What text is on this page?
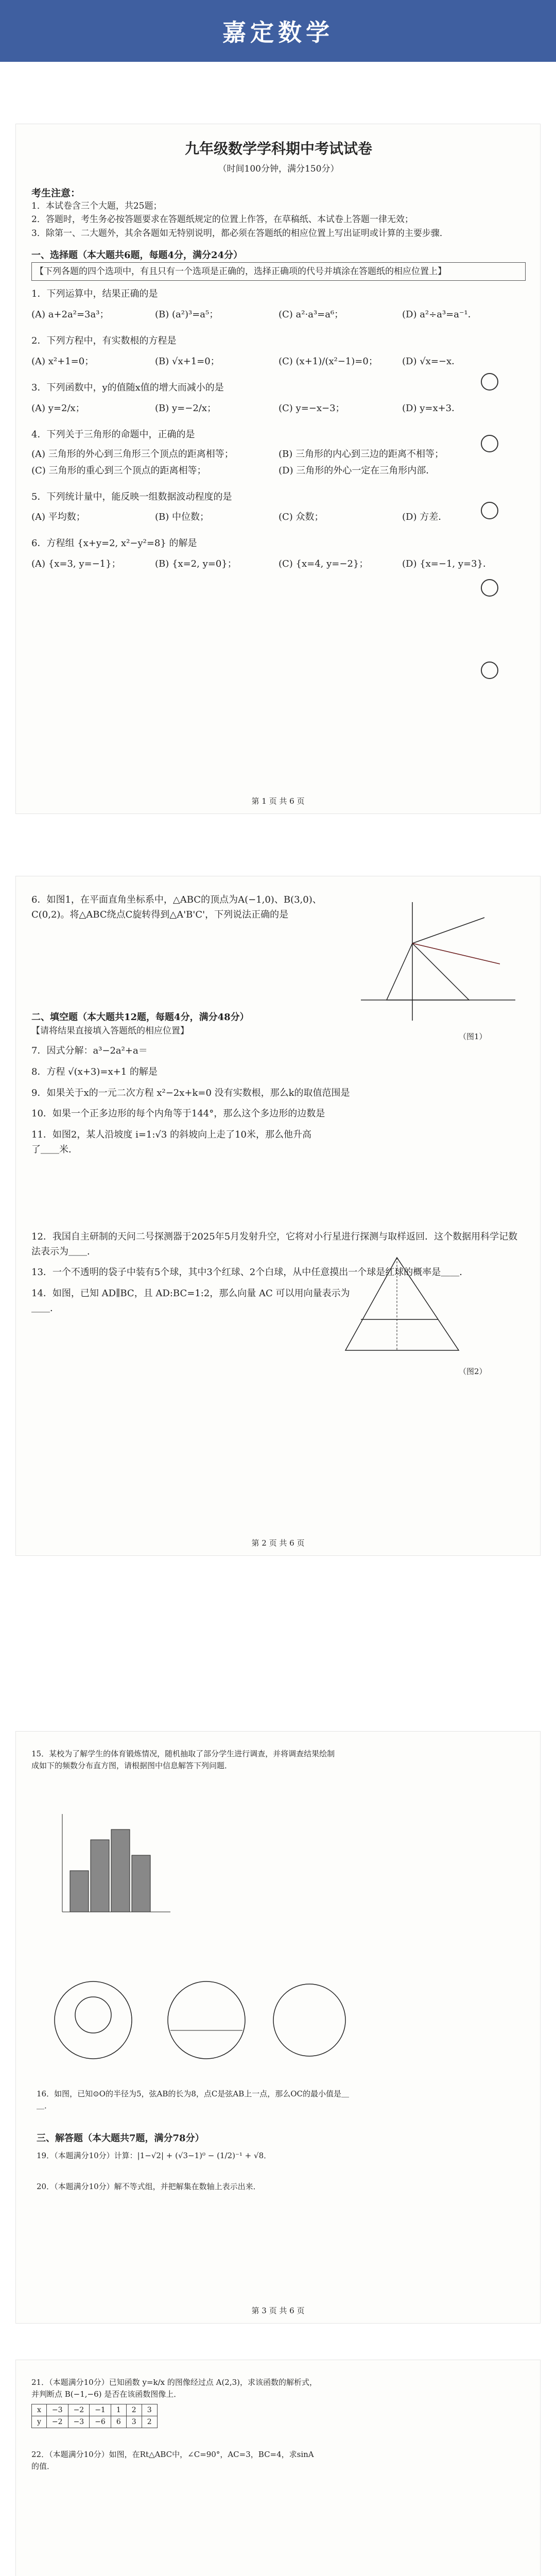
嘉定数学
九年级数学学科期中考试试卷
（时间100分钟，满分150分）
考生注意：
1．本试卷含三个大题，共25题；
2．答题时，考生务必按答题要求在答题纸规定的位置上作答，在草稿纸、本试卷上答题一律无效；
3．除第一、二大题外，其余各题如无特别说明，都必须在答题纸的相应位置上写出证明或计算的主要步骤．
一、选择题（本大题共6题，每题4分，满分24分）
【下列各题的四个选项中，有且只有一个选项是正确的，选择正确项的代号并填涂在答题纸的相应位置上】
1．下列运算中，结果正确的是
(A) a+2a²=3a³；	(B) (a²)³=a⁵；	(C) a²·a³=a⁶；	(D) a²÷a³=a⁻¹．
2．下列方程中，有实数根的方程是
(A) x²+1=0；	(B) √x+1=0；	(C) (x+1)/(x²−1)=0；	(D) √x=−x．
3．下列函数中，y的值随x值的增大而减小的是
(A) y=2/x；	(B) y=−2/x；	(C) y=−x−3；	(D) y=x+3．
4．下列关于三角形的命题中，正确的是
(A) 三角形的外心到三角形三个顶点的距离相等；	(B) 三角形的内心到三边的距离不相等；
(C) 三角形的重心到三个顶点的距离相等；	(D) 三角形的外心一定在三角形内部．
5．下列统计量中，能反映一组数据波动程度的是
(A) 平均数；	(B) 中位数；	(C) 众数；	(D) 方差．
6．方程组 {x+y=2, x²−y²=8} 的解是
(A) {x=3, y=−1}；	(B) {x=2, y=0}；	(C) {x=4, y=−2}；	(D) {x=−1, y=3}．
第 1 页 共 6 页
6．如图1，在平面直角坐标系中，△ABC的顶点为A(−1,0)、B(3,0)、C(0,2)。将△ABC绕点C旋转得到△A'B'C'，下列说法正确的是
二、填空题（本大题共12题，每题4分，满分48分）
【请将结果直接填入答题纸的相应位置】
7．因式分解：a³−2a²+a＝
8．方程 √(x+3)=x+1 的解是
9．如果关于x的一元二次方程 x²−2x+k=0 没有实数根，那么k的取值范围是
10．如果一个正多边形的每个内角等于144°，那么这个多边形的边数是
11．如图2，某人沿坡度 i=1:√3 的斜坡向上走了10米，那么他升高了＿＿米．
12．我国自主研制的天问二号探测器于2025年5月发射升空，它将对小行星进行探测与取样返回．这个数据用科学记数法表示为＿＿．
13．一个不透明的袋子中装有5个球，其中3个红球、2个白球，从中任意摸出一个球是红球的概率是＿＿．
14．如图，已知 AD∥BC，且 AD:BC=1:2，那么向量 AC 可以用向量表示为＿＿．
（图1）
（图2）
第 2 页 共 6 页
15．某校为了解学生的体育锻炼情况，随机抽取了部分学生进行调查，并将调查结果绘制成如下的频数分布直方图，请根据图中信息解答下列问题．
16．如图，已知⊙O的半径为5，弦AB的长为8，点C是弦AB上一点，那么OC的最小值是＿＿．
三、解答题（本大题共7题，满分78分）
19．（本题满分10分）计算：|1−√2| + (√3−1)⁰ − (1/2)⁻¹ + √8．
20．（本题满分10分）解不等式组，并把解集在数轴上表示出来．
第 3 页 共 6 页
21．（本题满分10分）已知函数 y=k/x 的图像经过点 A(2,3)，求该函数的解析式，并判断点 B(−1,−6) 是否在该函数图像上．
x	−3	−2	−1	1	2	3
y	−2	−3	−6	6	3	2
22．（本题满分10分）如图，在Rt△ABC中，∠C=90°，AC=3，BC=4，求sinA的值．
